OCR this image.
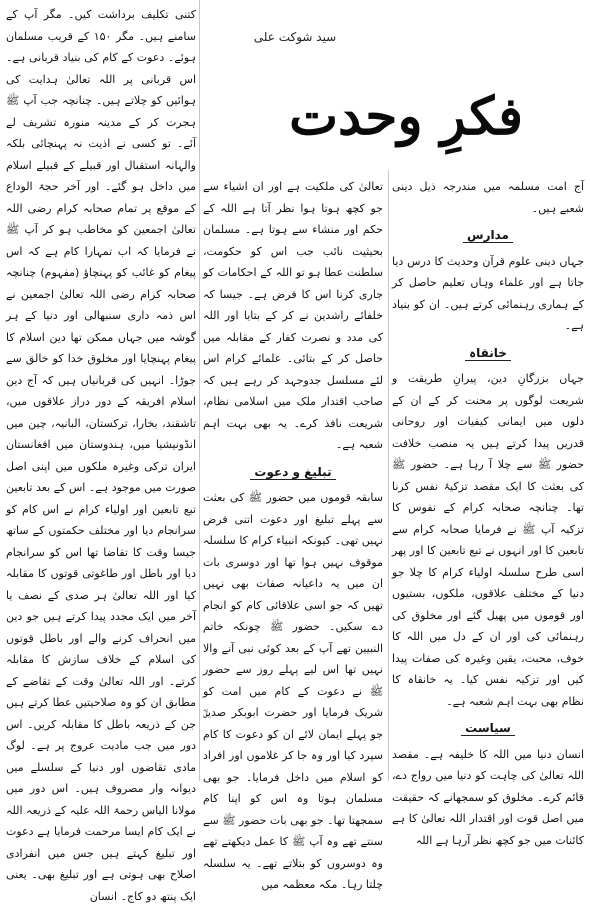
کتنی تکلیف برداشت کیں۔ مگر آپ کے سامنے ہیں۔ مگر ۱۵۰ کے قریب مسلمان ہوئے۔ دعوت کے کام کی بنیاد قربانی ہے۔ اس قربانی پر اللہ تعالیٰ ہدایت کی ہوائیں کو چلاتے ہیں۔ چنانچہ جب آپ ﷺ ہجرت کر کے مدینہ منورہ تشریف لے آئے۔ تو کسی نے اذیت نہ پہنچائی بلکہ والہانہ استقبال اور قبیلے کے قبیلے اسلام میں داخل ہو گئے۔ اور آخر حجۃ الوداع کے موقع پر تمام صحابہ کرام رضی اللہ تعالیٰ اجمعین کو مخاطب ہو کر آپ ﷺ نے فرمایا کہ اب تمہارا کام ہے کہ اس پیغام کو غائب کو پہنچاؤ (مفہوم) چنانچہ صحابہ کرام رضی اللہ تعالیٰ اجمعین نے اس ذمہ داری سنبھالی اور دنیا کے ہر گوشہ میں جہاں ممکن تھا دین اسلام کا پیغام پہنچایا اور مخلوق خدا کو خالق سے جوڑا۔ انہیں کی قربانیاں ہیں کہ آج دین اسلام افریقہ کے دور دراز علاقوں میں، تاشقند، بخارا، ترکستان، البانیہ، چین میں انڈونیشیا میں، ہندوستان میں افغانستان ایران ترکی وغیرہ ملکوں میں اپنی اصل صورت میں موجود ہے۔ اس کے بعد تابعین تبع تابعین اور اولیاء کرام نے اس کام کو سرانجام دیا اور مختلف حکمتوں کے ساتھ جیسا وقت کا تقاضا تھا اس کو سرانجام دیا اور باطل اور طاغوتی قوتوں کا مقابلہ کیا اور اللہ تعالیٰ ہر صدی کے نصف یا آخر میں ایک مجدد پیدا کرتے ہیں جو دین میں انحراف کرنے والے اور باطل قوتوں کی اسلام کے خلاف سازش کا مقابلہ کرتے۔ اور اللہ تعالیٰ وقت کے تقاضے کے مطابق ان کو وہ صلاحیتیں عطا کرتے ہیں جن کے ذریعہ باطل کا مقابلہ کریں۔ اس دور میں جب مادیت عروج پر ہے۔ لوگ مادی تقاضوں اور دنیا کے سلسلے میں دیوانہ وار مصروف ہیں۔ اس دور میں مولانا الیاس رحمۃ اللہ علیہ کے ذریعہ اللہ نے ایک کام ایسا مرحمت فرمایا ہے دعوت اور تبلیغ کہتے ہیں جس میں انفرادی اصلاح بھی ہوتی ہے اور تبلیغ بھی۔ یعنی ایک پنتھ دو کاج۔ انسان

سید شوکت علی
فکرِ وحدت

تعالیٰ کی ملکیت ہے اور ان اشیاء سے جو کچھ ہوتا ہوا نظر آتا ہے اللہ کے حکم اور منشاء سے ہوتا ہے۔ مسلمان بحیثیت نائب جب اس کو حکومت، سلطنت عطا ہو تو اللہ کے احکامات کو جاری کرنا اس کا فرض ہے۔ جیسا کہ خلفائے راشدین نے کر کے بتایا اور اللہ کی مدد و نصرت کفار کے مقابلہ میں حاصل کر کے بتائی۔ علمائے کرام اس لئے مسلسل جدوجہد کر رہے ہیں کہ صاحب اقتدار ملک میں اسلامی نظام، شریعت نافذ کرے۔ یہ بھی بہت اہم شعبہ ہے۔

تبلیغ و دعوت

سابقہ قوموں میں حضور ﷺ کی بعثت سے پہلے تبلیغ اور دعوت اتنی فرض نہیں تھی۔ کیونکہ انبیاء کرام کا سلسلہ موقوف نہیں ہوا تھا اور دوسری بات ان میں یہ داعیانہ صفات بھی نہیں تھیں کہ جو اسی علاقائی کام کو انجام دے سکیں۔ حضور ﷺ چونکہ خاتم النبیین تھے آپ کے بعد کوئی نبی آنے والا نہیں تھا اس لیے پہلے روز سے حضور ﷺ نے دعوت کے کام میں امت کو شریک فرمایا اور حضرت ابوبکر صدیقؓ جو پہلے ایمان لائے ان کو دعوت کا کام سپرد کیا اور وہ جا کر غلاموں اور افراد کو اسلام میں داخل فرمایا۔ جو بھی مسلمان ہوتا وہ اس کو اپنا کام سمجھتا تھا۔ جو بھی بات حضور ﷺ سے سنتے تھے وہ آپ ﷺ کا عمل دیکھتے تھے وہ دوسروں کو بتلاتے تھے۔ یہ سلسلہ چلتا رہا۔ مکہ معظمہ میں

آج امت مسلمہ میں مندرجہ ذیل دینی شعبے ہیں۔

مدارس

جہاں دینی علوم قرآن وحدیث کا درس دیا جاتا ہے اور علماء وہاں تعلیم حاصل کر کے ہماری رہنمائی کرتے ہیں۔ ان کو بنیاد ہے۔

خانقاہ

جہاں بزرگانِ دین، پیرانِ طریقت و شریعت لوگوں پر محنت کر کے ان کے دلوں میں ایمانی کیفیات اور روحانی قدریں پیدا کرتے ہیں یہ منصب خلافت حضور ﷺ سے چلا آ رہا ہے۔ حضور ﷺ کی بعثت کا ایک مقصد تزکیۂ نفس کرنا تھا۔ چنانچہ صحابہ کرام کے نفوس کا تزکیہ آپ ﷺ نے فرمایا صحابہ کرام سے تابعین کا اور انہوں نے تبع تابعین کا اور پھر اسی طرح سلسلہ اولیاء کرام کا چلا جو دنیا کے مختلف علاقوں، ملکوں، بستیوں اور قوموں میں پھیل گئے اور مخلوق کی رہنمائی کی اور ان کے دل میں اللہ کا خوف، محبت، یقین وغیرہ کی صفات پیدا کیں اور تزکیہ نفس کیا۔ یہ خانقاہ کا نظام بھی بہت اہم شعبہ ہے۔

سیاست

انسان دنیا میں اللہ کا خلیفہ ہے۔ مقصد اللہ تعالیٰ کی چاہت کو دنیا میں رواج دے، قائم کرے۔ مخلوق کو سمجھانے کہ حقیقت میں اصل قوت اور اقتدار اللہ تعالیٰ کا ہے کائنات میں جو کچھ نظر آرہا ہے اللہ
